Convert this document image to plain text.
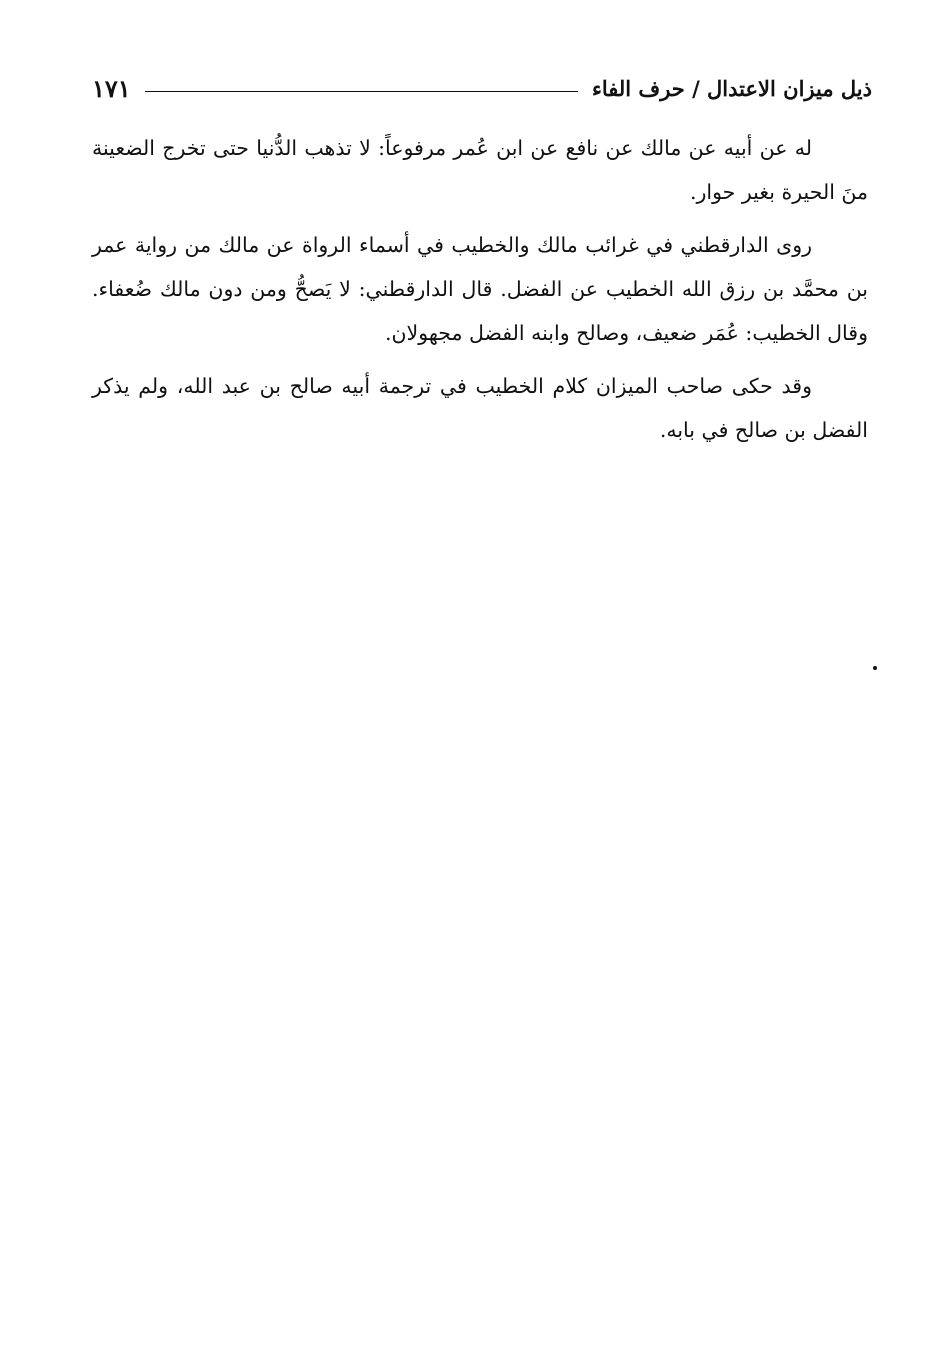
ذيل ميزان الاعتدال / حرف الفاء
١٧١

له عن أبيه عن مالك عن نافع عن ابن عُمر مرفوعاً: لا تذهب الدُّنيا حتى تخرج الضعينة منَ الحيرة بغير حوار.

روى الدارقطني في غرائب مالك والخطيب في أسماء الرواة عن مالك من رواية عمر بن محمَّد بن رزق الله الخطيب عن الفضل. قال الدارقطني: لا يَصحُّ ومن دون مالك ضُعفاء. وقال الخطيب: عُمَر ضعيف، وصالح وابنه الفضل مجهولان.

وقد حكى صاحب الميزان كلام الخطيب في ترجمة أبيه صالح بن عبد الله، ولم يذكر الفضل بن صالح في بابه.
